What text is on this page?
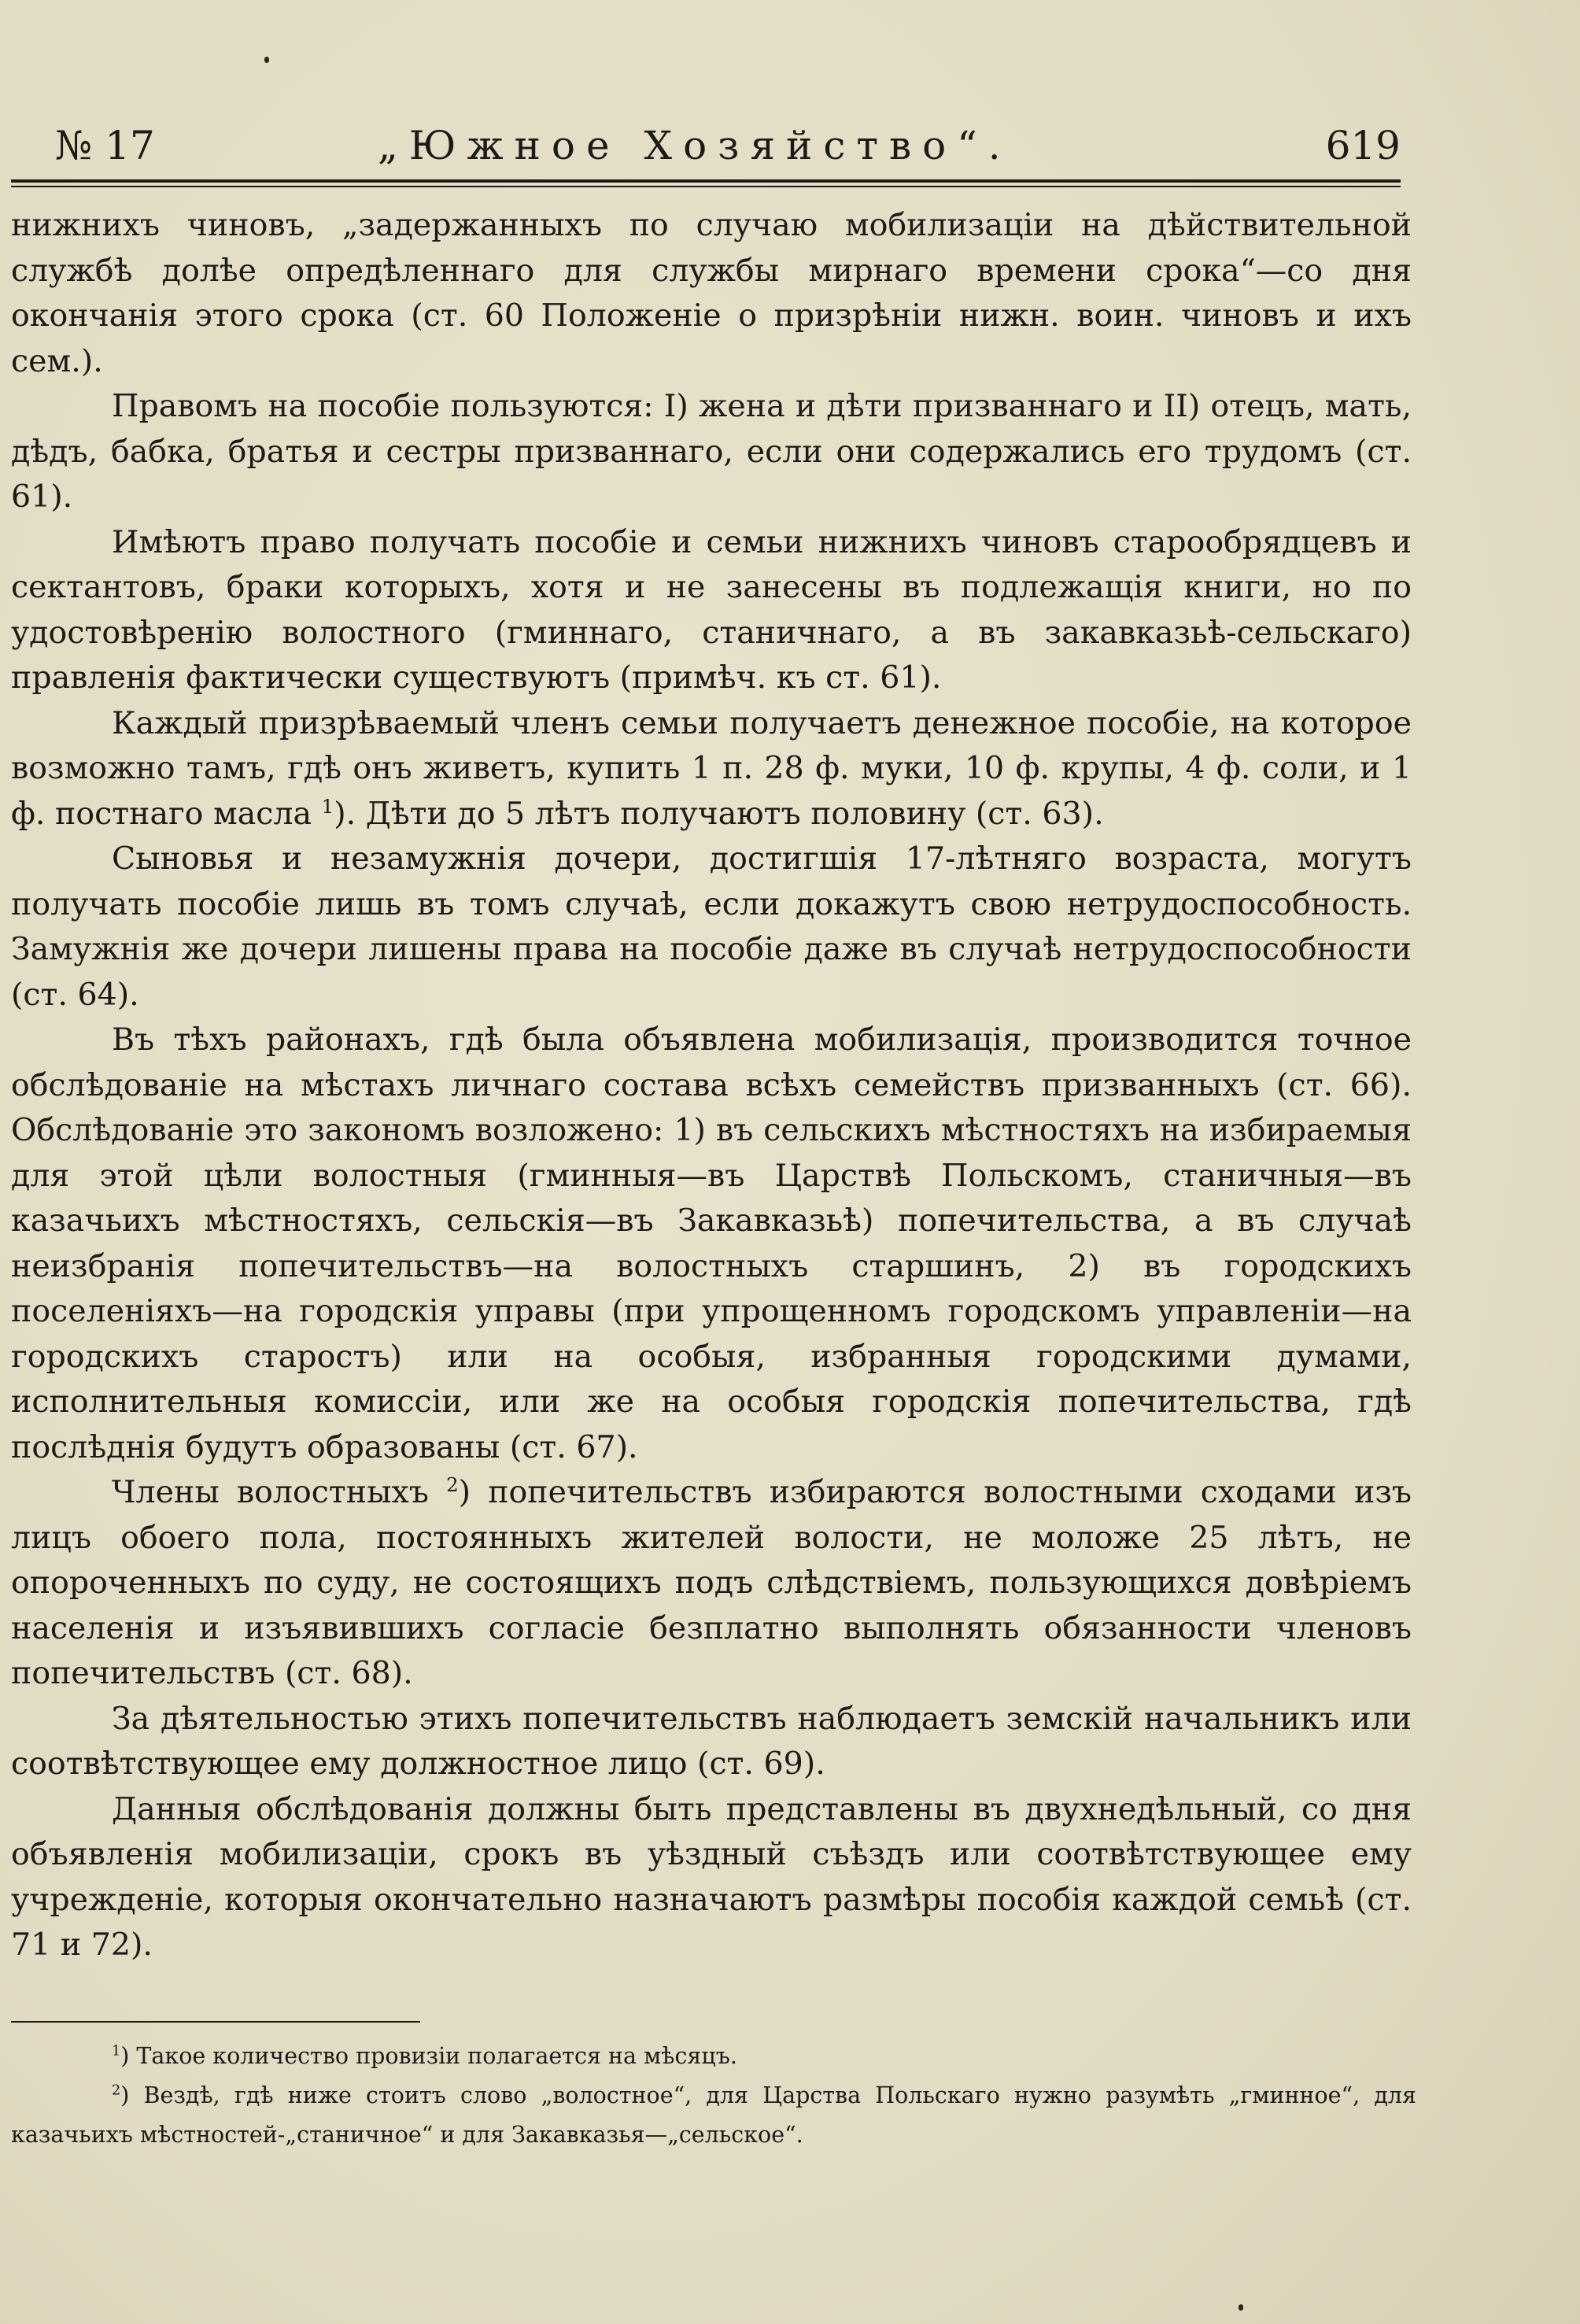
№ 17	„Южное Хозяйство“.	619

нижнихъ чиновъ, „задержанныхъ по случаю мобилизаціи на дѣйствительной службѣ долѣе опредѣленнаго для службы мирнаго времени срока“—со дня окончанія этого срока (ст. 60 Положеніе о призрѣніи нижн. воин. чиновъ и ихъ сем.).

Правомъ на пособіе пользуются: I) жена и дѣти призваннаго и II) отецъ, мать, дѣдъ, бабка, братья и сестры призваннаго, если они содержались его трудомъ (ст. 61).

Имѣютъ право получать пособіе и семьи нижнихъ чиновъ старообрядцевъ и сектантовъ, браки которыхъ, хотя и не занесены въ подлежащія книги, но по удостовѣренію волостного (гминнаго, станичнаго, а въ закавказьѣ-сельскаго) правленія фактически существуютъ (примѣч. къ ст. 61).

Каждый призрѣваемый членъ семьи получаетъ денежное пособіе, на которое возможно тамъ, гдѣ онъ живетъ, купить 1 п. 28 ф. муки, 10 ф. крупы, 4 ф. соли, и 1 ф. постнаго масла $^1$). Дѣти до 5 лѣтъ получаютъ половину (ст. 63).

Сыновья и незамужнія дочери, достигшія 17-лѣтняго возраста, могутъ получать пособіе лишь въ томъ случаѣ, если докажутъ свою нетрудоспособность. Замужнія же дочери лишены права на пособіе даже въ случаѣ нетрудоспособности (ст. 64).

Въ тѣхъ районахъ, гдѣ была объявлена мобилизація, производится точное обслѣдованіе на мѣстахъ личнаго состава всѣхъ семействъ призванныхъ (ст. 66). Обслѣдованіе это закономъ возложено: 1) въ сельскихъ мѣстностяхъ на избираемыя для этой цѣли волостныя (гминныя—въ Царствѣ Польскомъ, станичныя—въ казачьихъ мѣстностяхъ, сельскія—въ Закавказьѣ) попечительства, а въ случаѣ неизбранія попечительствъ—на волостныхъ старшинъ, 2) въ городскихъ поселеніяхъ—на городскія управы (при упрощенномъ городскомъ управленіи—на городскихъ старостъ) или на особыя, избранныя городскими думами, исполнительныя комиссіи, или же на особыя городскія попечительства, гдѣ послѣднія будутъ образованы (ст. 67).

Члены волостныхъ $^2$) попечительствъ избираются волостными сходами изъ лицъ обоего пола, постоянныхъ жителей волости, не моложе 25 лѣтъ, не опороченныхъ по суду, не состоящихъ подъ слѣдствіемъ, пользующихся довѣріемъ населенія и изъявившихъ согласіе безплатно выполнять обязанности членовъ попечительствъ (ст. 68).

За дѣятельностью этихъ попечительствъ наблюдаетъ земскій начальникъ или соотвѣтствующее ему должностное лицо (ст. 69).

Данныя обслѣдованія должны быть представлены въ двухнедѣльный, со дня объявленія мобилизаціи, срокъ въ уѣздный съѣздъ или соотвѣтствующее ему учрежденіе, которыя окончательно назначаютъ размѣры пособія каждой семьѣ (ст. 71 и 72).

$^1$) Такое количество провизіи полагается на мѣсяцъ.

$^2$) Вездѣ, гдѣ ниже стоитъ слово „волостное“, для Царства Польскаго нужно разумѣть „гминное“, для казачьихъ мѣстностей-„станичное“ и для Закавказья—„сельское“.
